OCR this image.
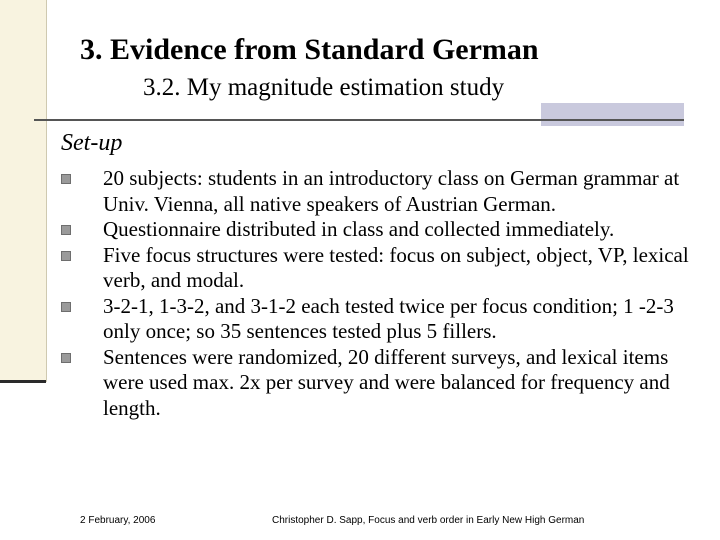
3. Evidence from Standard German
3.2. My magnitude estimation study
Set-up
20 subjects: students in an introductory class on German grammar at Univ. Vienna, all native speakers of Austrian German.
Questionnaire distributed in class and collected immediately.
Five focus structures were tested: focus on subject, object, VP, lexical verb, and modal.
3-2-1, 1-3-2, and 3-1-2 each tested twice per focus condition; 1 -2-3 only once; so 35 sentences tested plus 5 fillers.
Sentences were randomized, 20 different surveys, and lexical items were used max. 2x per survey and were balanced for frequency and length.
2 February, 2006	Christopher D. Sapp, Focus and verb order in Early New High German
